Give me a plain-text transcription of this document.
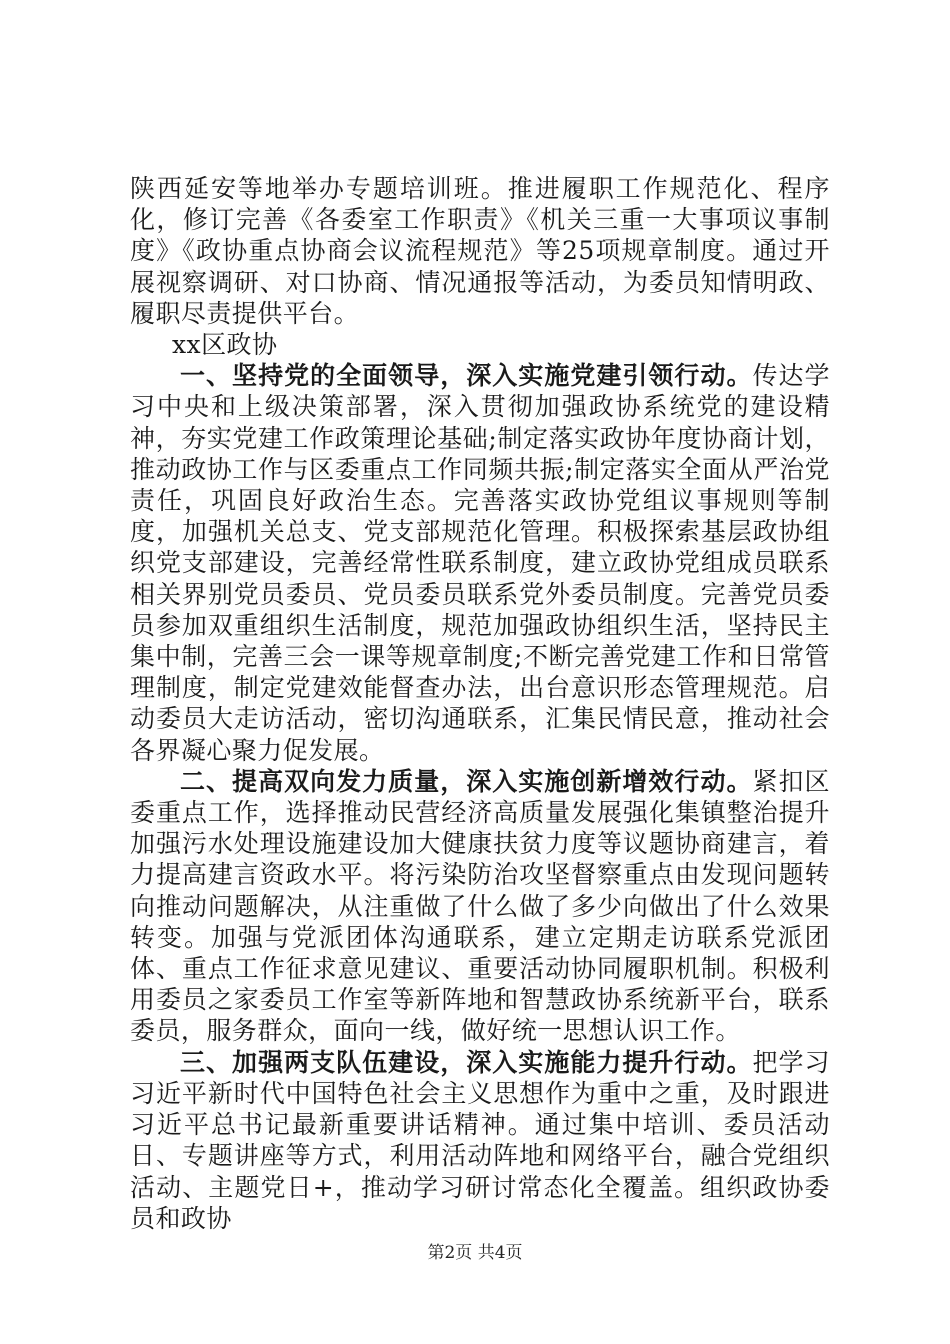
陕西延安等地举办专题培训班。推进履职工作规范化、程序化，修订完善《各委室工作职责》《机关三重一大事项议事制度》《政协重点协商会议流程规范》等25项规章制度。通过开展视察调研、对口协商、情况通报等活动，为委员知情明政、履职尽责提供平台。

xx区政协

一、坚持党的全面领导，深入实施党建引领行动。传达学习中央和上级决策部署，深入贯彻加强政协系统党的建设精神，夯实党建工作政策理论基础;制定落实政协年度协商计划，推动政协工作与区委重点工作同频共振;制定落实全面从严治党责任，巩固良好政治生态。完善落实政协党组议事规则等制度，加强机关总支、党支部规范化管理。积极探索基层政协组织党支部建设，完善经常性联系制度，建立政协党组成员联系相关界别党员委员、党员委员联系党外委员制度。完善党员委员参加双重组织生活制度，规范加强政协组织生活，坚持民主集中制，完善三会一课等规章制度;不断完善党建工作和日常管理制度，制定党建效能督查办法，出台意识形态管理规范。启动委员大走访活动，密切沟通联系，汇集民情民意，推动社会各界凝心聚力促发展。

二、提高双向发力质量，深入实施创新增效行动。紧扣区委重点工作，选择推动民营经济高质量发展强化集镇整治提升加强污水处理设施建设加大健康扶贫力度等议题协商建言，着力提高建言资政水平。将污染防治攻坚督察重点由发现问题转向推动问题解决，从注重做了什么做了多少向做出了什么效果转变。加强与党派团体沟通联系，建立定期走访联系党派团体、重点工作征求意见建议、重要活动协同履职机制。积极利用委员之家委员工作室等新阵地和智慧政协系统新平台，联系委员，服务群众，面向一线，做好统一思想认识工作。

三、加强两支队伍建设，深入实施能力提升行动。把学习习近平新时代中国特色社会主义思想作为重中之重，及时跟进习近平总书记最新重要讲话精神。通过集中培训、委员活动日、专题讲座等方式，利用活动阵地和网络平台，融合党组织活动、主题党日+，推动学习研讨常态化全覆盖。组织政协委员和政协

第2页 共4页
